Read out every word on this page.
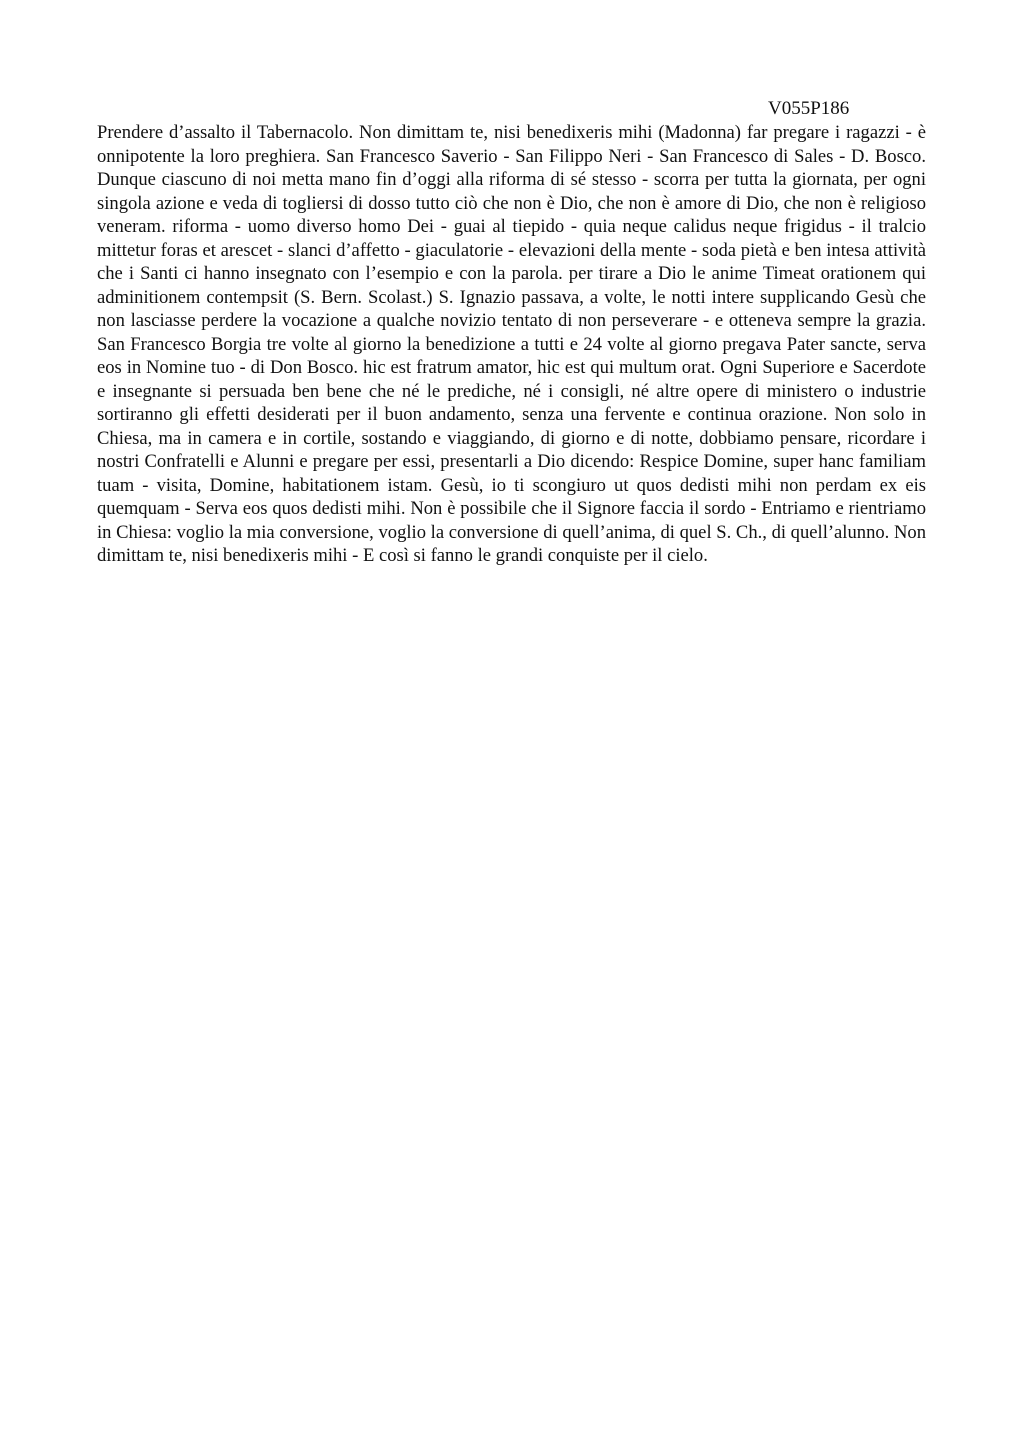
V055P186

Prendere d’assalto il Tabernacolo. Non dimittam te, nisi benedixeris mihi (Madonna) far pregare i ragazzi - è onnipotente la loro preghiera. San Francesco Saverio - San Filippo Neri - San Francesco di Sales - D. Bosco. Dunque ciascuno di noi metta mano fin d’oggi alla riforma di sé stesso - scorra per tutta la giornata, per ogni singola azione e veda di togliersi di dosso tutto ciò che non è Dio, che non è amore di Dio, che non è religioso veneram. riforma - uomo diverso homo Dei - guai al tiepido - quia neque calidus neque frigidus - il tralcio mittetur foras et arescet - slanci d’affetto - giaculatorie - elevazioni della mente - soda pietà e ben intesa attività che i Santi ci hanno insegnato con l’esempio e con la parola. per tirare a Dio le anime Timeat orationem qui adminitionem contempsit (S. Bern. Scolast.) S. Ignazio passava, a volte, le notti intere supplicando Gesù che non lasciasse perdere la vocazione a qualche novizio tentato di non perseverare - e otteneva sempre la grazia. San Francesco Borgia tre volte al giorno la benedizione a tutti e 24 volte al giorno pregava Pater sancte, serva eos in Nomine tuo - di Don Bosco. hic est fratrum amator, hic est qui multum orat. Ogni Superiore e Sacerdote e insegnante si persuada ben bene che né le prediche, né i consigli, né altre opere di ministero o industrie sortiranno gli effetti desiderati per il buon andamento, senza una fervente e continua orazione. Non solo in Chiesa, ma in camera e in cortile, sostando e viaggiando, di giorno e di notte, dobbiamo pensare, ricordare i nostri Confratelli e Alunni e pregare per essi, presentarli a Dio dicendo: Respice Domine, super hanc familiam tuam - visita, Domine, habitationem istam. Gesù, io ti scongiuro ut quos dedisti mihi non perdam ex eis quemquam - Serva eos quos dedisti mihi. Non è possibile che il Signore faccia il sordo - Entriamo e rientriamo in Chiesa: voglio la mia conversione, voglio la conversione di quell’anima, di quel S. Ch., di quell’alunno. Non dimittam te, nisi benedixeris mihi - E così si fanno le grandi conquiste per il cielo.
